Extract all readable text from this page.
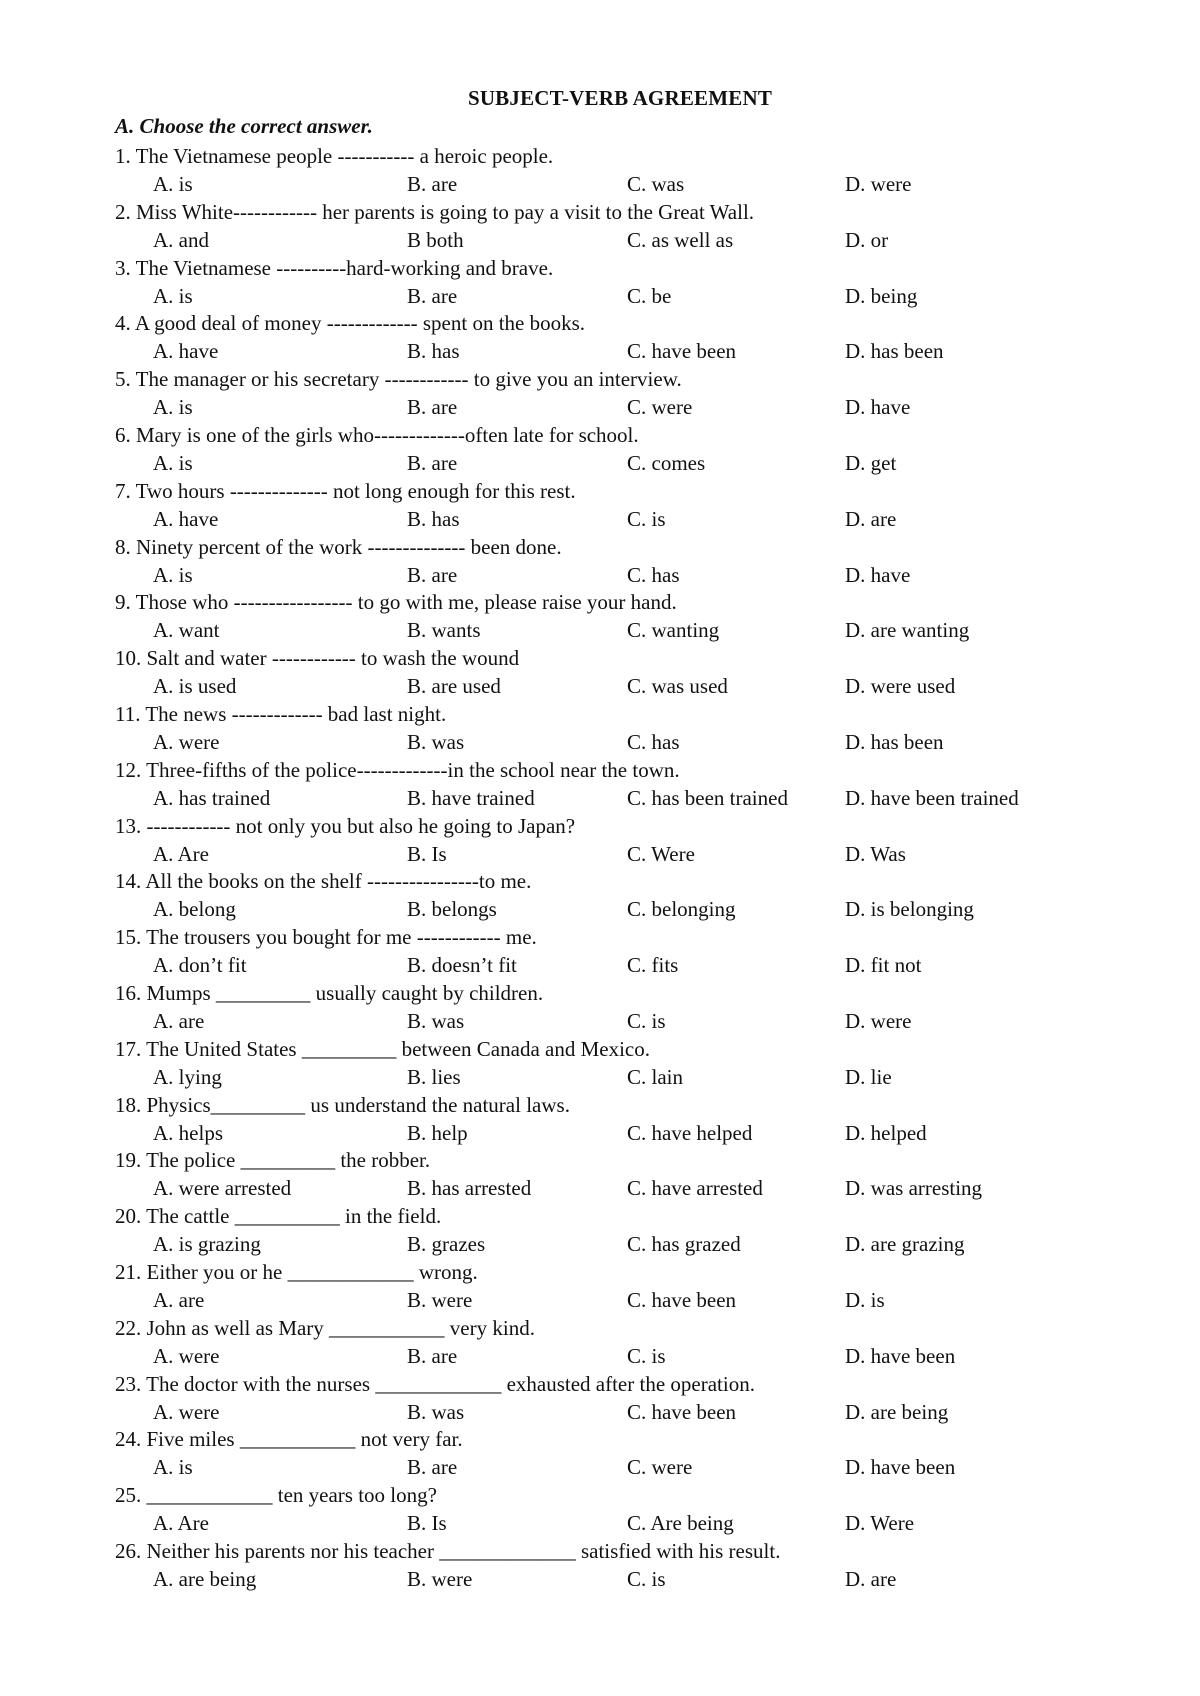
SUBJECT-VERB AGREEMENT
A. Choose the correct answer.
1. The Vietnamese people ----------- a heroic people.
A. is	B. are	C. was	D. were
2. Miss White------------ her parents is going to pay a visit to the Great Wall.
A. and	B both	C. as well as	D. or
3. The Vietnamese ----------hard-working and brave.
A. is	B. are	C. be	D. being
4. A good deal of money ------------- spent on the books.
A. have	B. has	C. have been	D. has been
5. The manager or his secretary ------------ to give you an interview.
A. is	B. are	C. were	D. have
6. Mary is one of the girls who-------------often late for school.
A. is	B. are	C. comes	D. get
7. Two hours -------------- not long enough for this rest.
A. have	B. has	C. is	D. are
8. Ninety percent of the work -------------- been done.
A. is	B. are	C. has	D. have
9. Those who ----------------- to go with me, please raise your hand.
A. want	B. wants	C. wanting	D. are wanting
10. Salt and water ------------ to wash the wound
A. is used	B. are used	C. was used	D. were used
11. The news ------------- bad last night.
A. were	B. was	C. has	D. has been
12. Three-fifths of the police-------------in the school near the town.
A. has trained	B. have trained	C. has been trained	D. have been trained
13. ------------ not only you but also he going to Japan?
A. Are	B. Is	C. Were	D. Was
14. All the books on the shelf ----------------to me.
A. belong	B. belongs	C. belonging	D. is belonging
15. The trousers you bought for me ------------ me.
A. don’t fit	B. doesn’t fit	C. fits	D. fit not
16. Mumps _________ usually caught by children.
A. are	B. was	C. is	D. were
17. The United States _________ between Canada and Mexico.
A. lying	B. lies	C. lain	D. lie
18. Physics_________ us understand the natural laws.
A. helps	B. help	C. have helped	D. helped
19. The police _________ the robber.
A. were arrested	B. has arrested	C. have arrested	D. was arresting
20. The cattle __________ in the field.
A. is grazing	B. grazes	C. has grazed	D. are grazing
21. Either you or he ____________ wrong.
A. are	B. were	C. have been	D. is
22. John as well as Mary ___________ very kind.
A. were	B. are	C. is	D. have been
23. The doctor with the nurses ____________ exhausted after the operation.
A. were	B. was	C. have been	D. are being
24. Five miles ___________ not very far.
A. is	B. are	C. were	D. have been
25. ____________ ten years too long?
A. Are	B. Is	C. Are being	D. Were
26. Neither his parents nor his teacher _____________ satisfied with his result.
A. are being	B. were	C. is	D. are
